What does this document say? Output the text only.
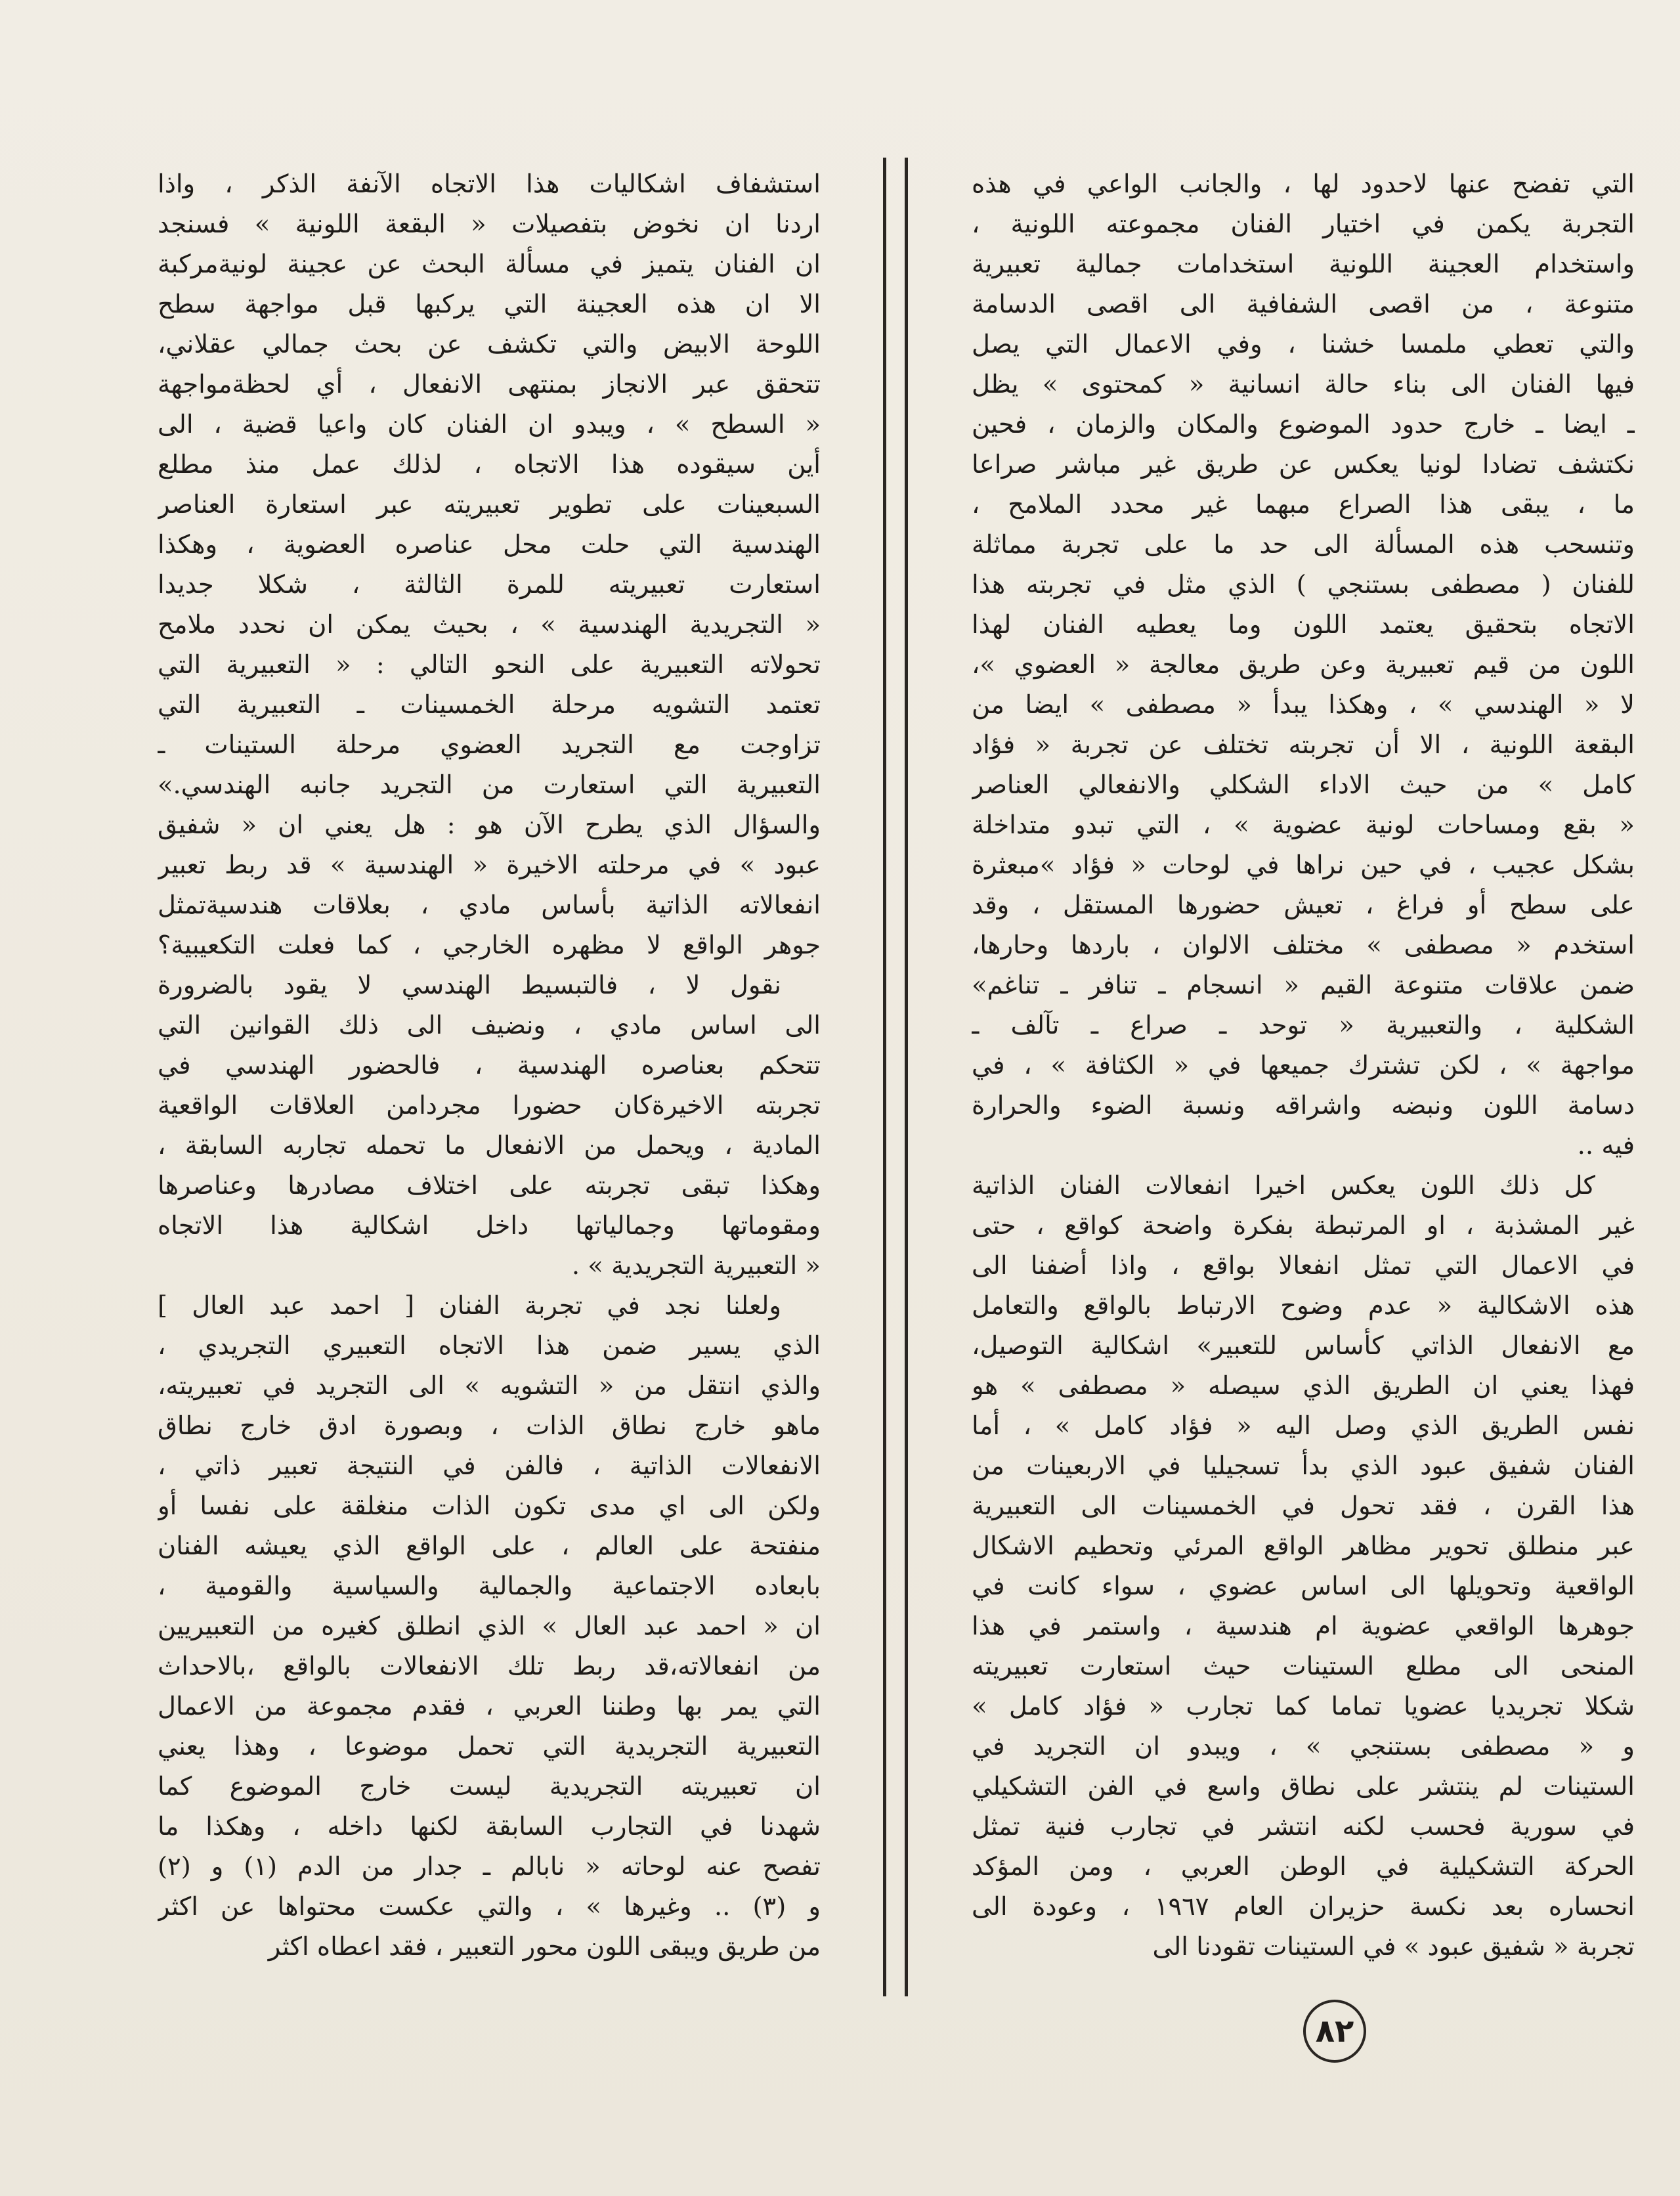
التي تفضح عنها لاحدود لها ، والجانب الواعي في هذه
التجربة يكمن في اختيار الفنان مجموعته اللونية ،
واستخدام العجينة اللونية استخدامات جمالية تعبيرية
متنوعة ، من اقصى الشفافية الى اقصى الدسامة
والتي تعطي ملمسا خشنا ، وفي الاعمال التي يصل
فيها الفنان الى بناء حالة انسانية « كمحتوى » يظل
ـ ايضا ـ خارج حدود الموضوع والمكان والزمان ، فحين
نكتشف تضادا لونيا يعكس عن طريق غير مباشر صراعا
ما ، يبقى هذا الصراع مبهما غير محدد الملامح ،
وتنسحب هذه المسألة الى حد ما على تجربة مماثلة
للفنان ( مصطفى بستنجي ) الذي مثل في تجربته هذا
الاتجاه بتحقيق يعتمد اللون وما يعطيه الفنان لهذا
اللون من قيم تعبيرية وعن طريق معالجة « العضوي »،
لا « الهندسي » ، وهكذا يبدأ « مصطفى » ايضا من
البقعة اللونية ، الا أن تجربته تختلف عن تجربة « فؤاد
كامل » من حيث الاداء الشكلي والانفعالي العناصر
« بقع ومساحات لونية عضوية » ، التي تبدو متداخلة
بشكل عجيب ، في حين نراها في لوحات « فؤاد »مبعثرة
على سطح أو فراغ ، تعيش حضورها المستقل ، وقد
استخدم « مصطفى » مختلف الالوان ، باردها وحارها،
ضمن علاقات متنوعة القيم « انسجام ـ تنافر ـ تناغم»
الشكلية ، والتعبيرية « توحد ـ صراع ـ تآلف ـ
مواجهة » ، لكن تشترك جميعها في « الكثافة » ، في
دسامة اللون ونبضه واشراقه ونسبة الضوء والحرارة
فيه ..
كل ذلك اللون يعكس اخيرا انفعالات الفنان الذاتية
غير المشذبة ، او المرتبطة بفكرة واضحة كواقع ، حتى
في الاعمال التي تمثل انفعالا بواقع ، واذا أضفنا الى
هذه الاشكالية « عدم وضوح الارتباط بالواقع والتعامل
مع الانفعال الذاتي كأساس للتعبير» اشكالية التوصيل،
فهذا يعني ان الطريق الذي سيصله « مصطفى » هو
نفس الطريق الذي وصل اليه « فؤاد كامل » ، أما
الفنان شفيق عبود الذي بدأ تسجيليا في الاربعينات من
هذا القرن ، فقد تحول في الخمسينات الى التعبيرية
عبر منطلق تحوير مظاهر الواقع المرئي وتحطيم الاشكال
الواقعية وتحويلها الى اساس عضوي ، سواء كانت في
جوهرها الواقعي عضوية ام هندسية ، واستمر في هذا
المنحى الى مطلع الستينات حيث استعارت تعبيريته
شكلا تجريديا عضويا تماما كما تجارب « فؤاد كامل »
و « مصطفى بستنجي » ، ويبدو ان التجريد في
الستينات لم ينتشر على نطاق واسع في الفن التشكيلي
في سورية فحسب لكنه انتشر في تجارب فنية تمثل
الحركة التشكيلية في الوطن العربي ، ومن المؤكد
انحساره بعد نكسة حزيران العام ١٩٦٧ ، وعودة الى
تجربة « شفيق عبود » في الستينات تقودنا الى
استشفاف اشكاليات هذا الاتجاه الآنفة الذكر ، واذا
اردنا ان نخوض بتفصيلات « البقعة اللونية » فسنجد
ان الفنان يتميز في مسألة البحث عن عجينة لونيةمركبة
الا ان هذه العجينة التي يركبها قبل مواجهة سطح
اللوحة الابيض والتي تكشف عن بحث جمالي عقلاني،
تتحقق عبر الانجاز بمنتهى الانفعال ، أي لحظةمواجهة
« السطح » ، ويبدو ان الفنان كان واعيا قضية ، الى
أين سيقوده هذا الاتجاه ، لذلك عمل منذ مطلع
السبعينات على تطوير تعبيريته عبر استعارة العناصر
الهندسية التي حلت محل عناصره العضوية ، وهكذا
استعارت تعبيريته للمرة الثالثة ، شكلا جديدا
« التجريدية الهندسية » ، بحيث يمكن ان نحدد ملامح
تحولاته التعبيرية على النحو التالي : « التعبيرية التي
تعتمد التشويه مرحلة الخمسينات ـ التعبيرية التي
تزاوجت مع التجريد العضوي مرحلة الستينات ـ
التعبيرية التي استعارت من التجريد جانبه الهندسي.»
والسؤال الذي يطرح الآن هو : هل يعني ان « شفيق
عبود » في مرحلته الاخيرة « الهندسية » قد ربط تعبير
انفعالاته الذاتية بأساس مادي ، بعلاقات هندسيةتمثل
جوهر الواقع لا مظهره الخارجي ، كما فعلت التكعيبية؟
نقول لا ، فالتبسيط الهندسي لا يقود بالضرورة
الى اساس مادي ، ونضيف الى ذلك القوانين التي
تتحكم بعناصره الهندسية ، فالحضور الهندسي في
تجربته الاخيرةكان حضورا مجردامن العلاقات الواقعية
المادية ، ويحمل من الانفعال ما تحمله تجاربه السابقة ،
وهكذا تبقى تجربته على اختلاف مصادرها وعناصرها
ومقوماتها وجمالياتها داخل اشكالية هذا الاتجاه
« التعبيرية التجريدية » .
ولعلنا نجد في تجربة الفنان [ احمد عبد العال ]
الذي يسير ضمن هذا الاتجاه التعبيري التجريدي ،
والذي انتقل من « التشويه » الى التجريد في تعبيريته،
ماهو خارج نطاق الذات ، وبصورة ادق خارج نطاق
الانفعالات الذاتية ، فالفن في النتيجة تعبير ذاتي ،
ولكن الى اي مدى تكون الذات منغلقة على نفسا أو
منفتحة على العالم ، على الواقع الذي يعيشه الفنان
بابعاده الاجتماعية والجمالية والسياسية والقومية ،
ان « احمد عبد العال » الذي انطلق كغيره من التعبيريين
من انفعالاته،قد ربط تلك الانفعالات بالواقع ،بالاحداث
التي يمر بها وطننا العربي ، فقدم مجموعة من الاعمال
التعبيرية التجريدية التي تحمل موضوعا ، وهذا يعني
ان تعبيريته التجريدية ليست خارج الموضوع كما
شهدنا في التجارب السابقة لكنها داخله ، وهكذا ما
تفصح عنه لوحاته « نابالم ـ جدار من الدم (١) و (٢)
و (٣) .. وغيرها » ، والتي عكست محتواها عن اكثر
من طريق ويبقى اللون محور التعبير ، فقد اعطاه اكثر
٨٢
